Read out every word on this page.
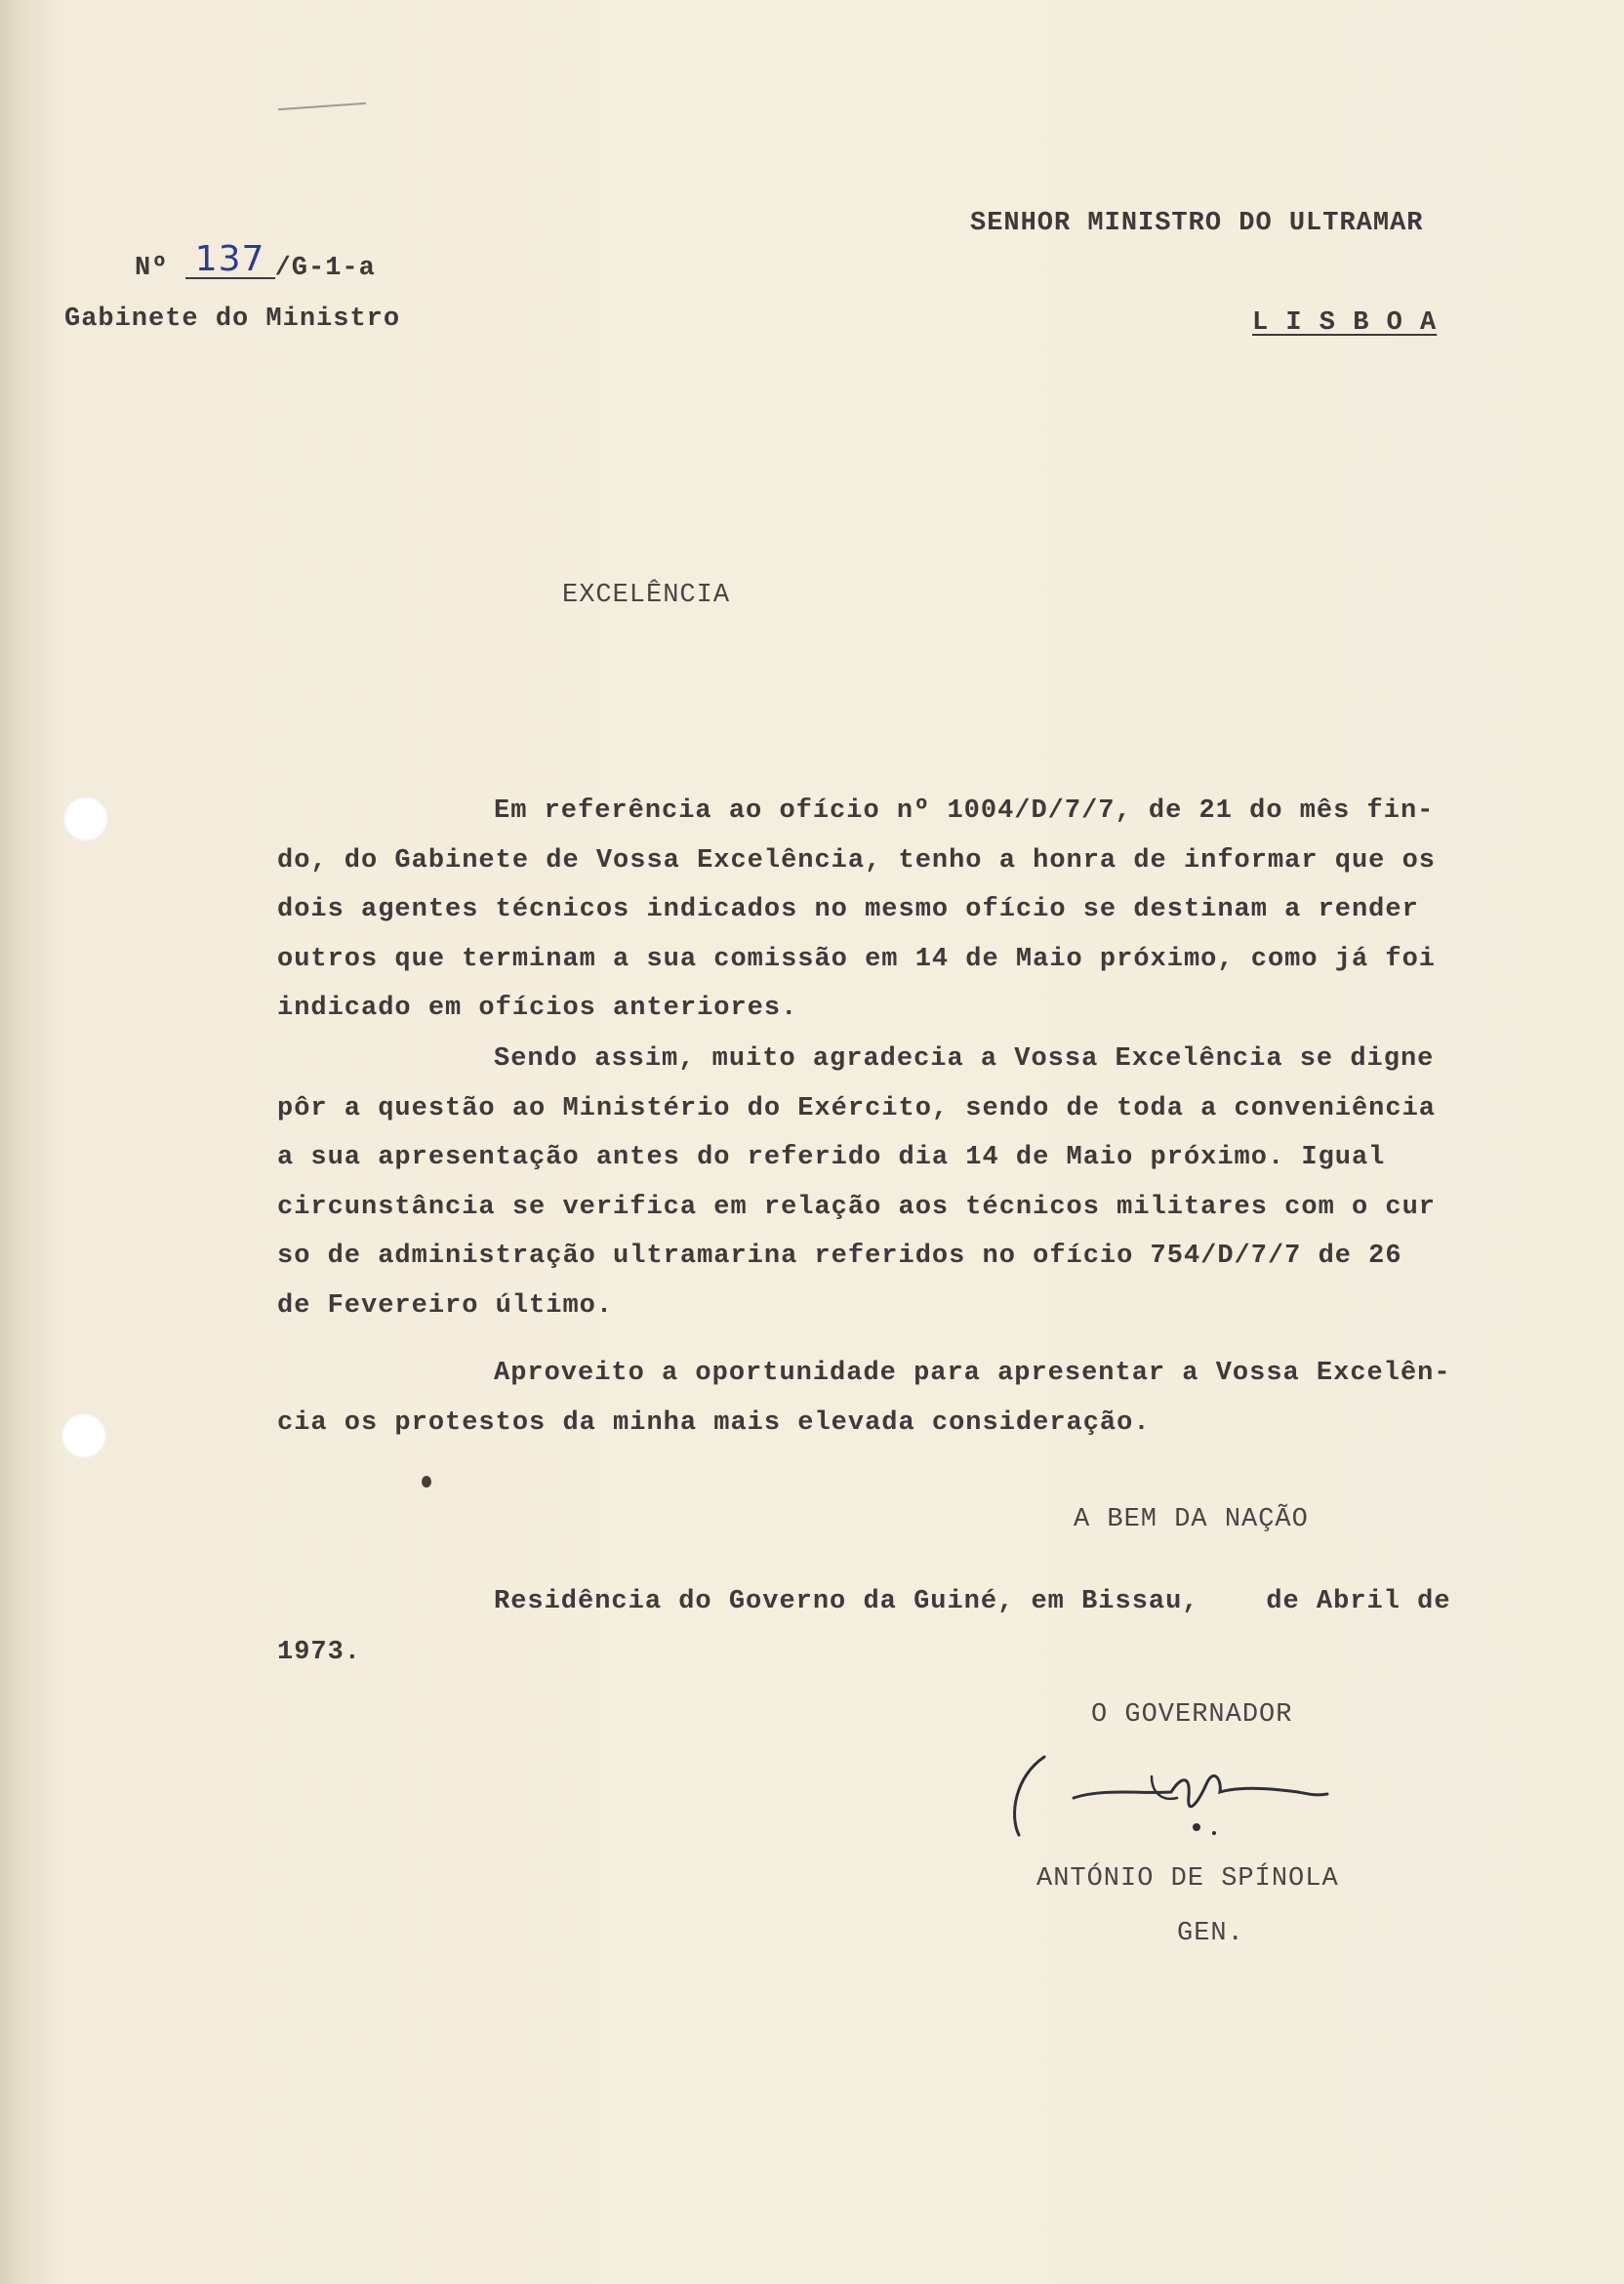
Nº 137 /G-1-a
Gabinete do Ministro
SENHOR MINISTRO DO ULTRAMAR
L I S B O A
EXCELÊNCIA
Em referência ao ofício nº 1004/D/7/7, de 21 do mês fin-
do, do Gabinete de Vossa Excelência, tenho a honra de informar que os
dois agentes técnicos indicados no mesmo ofício se destinam a render
outros que terminam a sua comissão em 14 de Maio próximo, como já foi
indicado em ofícios anteriores.
Sendo assim, muito agradecia a Vossa Excelência se digne
pôr a questão ao Ministério do Exército, sendo de toda a conveniência
a sua apresentação antes do referido dia 14 de Maio próximo. Igual
circunstância se verifica em relação aos técnicos militares com o cur
so de administração ultramarina referidos no ofício 754/D/7/7 de 26
de Fevereiro último.
Aproveito a oportunidade para apresentar a Vossa Excelên-
cia os protestos da minha mais elevada consideração.
A BEM DA NAÇÃO
Residência do Governo da Guiné, em Bissau,    de Abril de
1973.
O GOVERNADOR
ANTÓNIO DE SPÍNOLA
GEN.
